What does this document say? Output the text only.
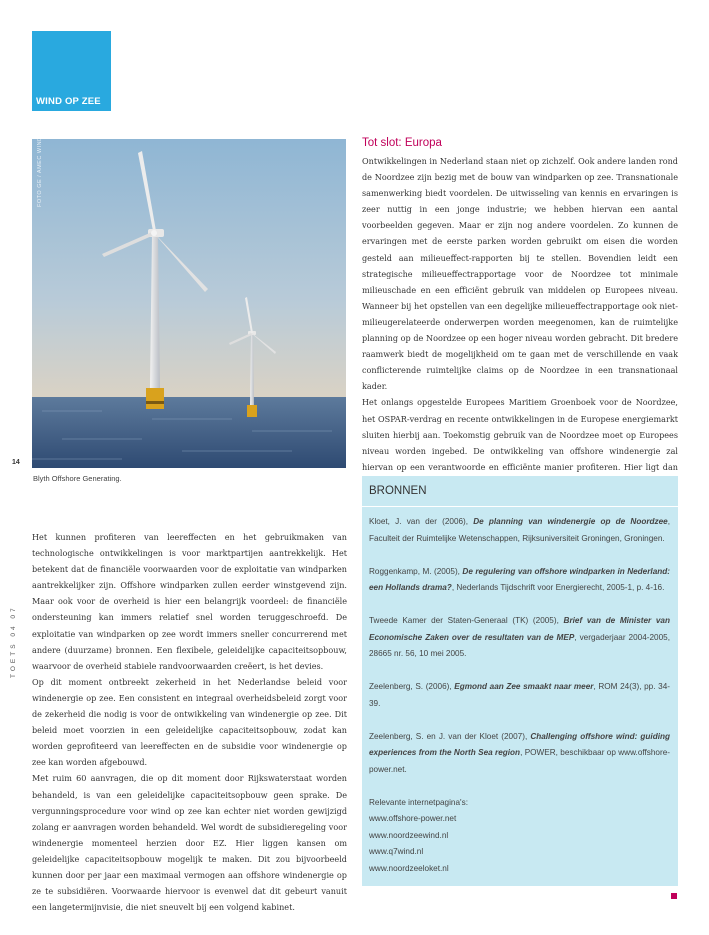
WIND OP ZEE
FOTO GE / AMEC WIND
14
Blyth Offshore Generating.
TOETS 04 07
Tot slot: Europa

Ontwikkelingen in Nederland staan niet op zichzelf. Ook andere landen rond de Noordzee zijn bezig met de bouw van windparken op zee. Transnationale samenwerking biedt voordelen. De uitwisseling van kennis en ervaringen is zeer nuttig in een jonge industrie; we hebben hiervan een aantal voorbeelden gegeven. Maar er zijn nog andere voordelen. Zo kunnen de ervaringen met de eerste parken worden gebruikt om eisen die worden gesteld aan milieueffect-rapporten bij te stellen. Bovendien leidt een strategische milieueffectrapportage voor de Noordzee tot minimale milieuschade en een efficiënt gebruik van middelen op Europees niveau. Wanneer bij het opstellen van een degelijke milieueffectrapportage ook niet-milieugerelateerde onderwerpen worden meegenomen, kan de ruimtelijke planning op de Noordzee op een hoger niveau worden gebracht. Dit bredere raamwerk biedt de mogelijkheid om te gaan met de verschillende en vaak conflicterende ruimtelijke claims op de Noordzee in een transnationaal kader.

Het onlangs opgestelde Europees Maritiem Groenboek voor de Noordzee, het OSPAR-verdrag en recente ontwikkelingen in de Europese energiemarkt sluiten hierbij aan. Toekomstig gebruik van de Noordzee moet op Europees niveau worden ingebed. De ontwikkeling van offshore windenergie zal hiervan op een verantwoorde en efficiënte manier profiteren. Hier ligt dan

Het kunnen profiteren van leereffecten en het gebruikmaken van technologische ontwikkelingen is voor marktpartijen aantrekkelijk. Het betekent dat de financiële voorwaarden voor de exploitatie van windparken aantrekkelijker zijn. Offshore windparken zullen eerder winstgevend zijn. Maar ook voor de overheid is hier een belangrijk voordeel: de financiële ondersteuning kan immers relatief snel worden teruggeschroefd. De exploitatie van windparken op zee wordt immers sneller concurrerend met andere (duurzame) bronnen. Een flexibele, geleidelijke capaciteitsopbouw, waarvoor de overheid stabiele randvoorwaarden creëert, is het devies.

Op dit moment ontbreekt zekerheid in het Nederlandse beleid voor windenergie op zee. Een consistent en integraal overheidsbeleid zorgt voor de zekerheid die nodig is voor de ontwikkeling van windenergie op zee. Dit beleid moet voorzien in een geleidelijke capaciteitsopbouw, zodat kan worden geprofiteerd van leereffecten en de subsidie voor windenergie op zee kan worden afgebouwd.

Met ruim 60 aanvragen, die op dit moment door Rijkswaterstaat worden behandeld, is van een geleidelijke capaciteitsopbouw geen sprake. De vergunningsprocedure voor wind op zee kan echter niet worden gewijzigd zolang er aanvragen worden behandeld. Wel wordt de subsidieregeling voor windenergie momenteel herzien door EZ. Hier liggen kansen om geleidelijke capaciteitsopbouw mogelijk te maken. Dit zou bijvoorbeeld kunnen door per jaar een maximaal vermogen aan offshore windenergie op ze te subsidiëren. Voorwaarde hiervoor is evenwel dat dit gebeurt vanuit een langetermijnvisie, die niet sneuvelt bij een volgend kabinet.

BRONNEN

Kloet, J. van der (2006), De planning van windenergie op de Noordzee, Faculteit der Ruimtelijke Wetenschappen, Rijksuniversiteit Groningen, Groningen.

Roggenkamp, M. (2005), De regulering van offshore windparken in Nederland: een Hollands drama?, Nederlands Tijdschrift voor Energierecht, 2005-1, p. 4-16.

Tweede Kamer der Staten-Generaal (TK) (2005), Brief van de Minister van Economische Zaken over de resultaten van de MEP, vergaderjaar 2004-2005, 28665 nr. 56, 10 mei 2005.

Zeelenberg, S. (2006), Egmond aan Zee smaakt naar meer, ROM 24(3), pp. 34-39.

Zeelenberg, S. en J. van der Kloet (2007), Challenging offshore wind: guiding experiences from the North Sea region, POWER, beschikbaar op www.offshore-power.net.

Relevante internetpagina's:

www.offshore-power.net

www.noordzeewind.nl

www.q7wind.nl

www.noordzeeloket.nl
